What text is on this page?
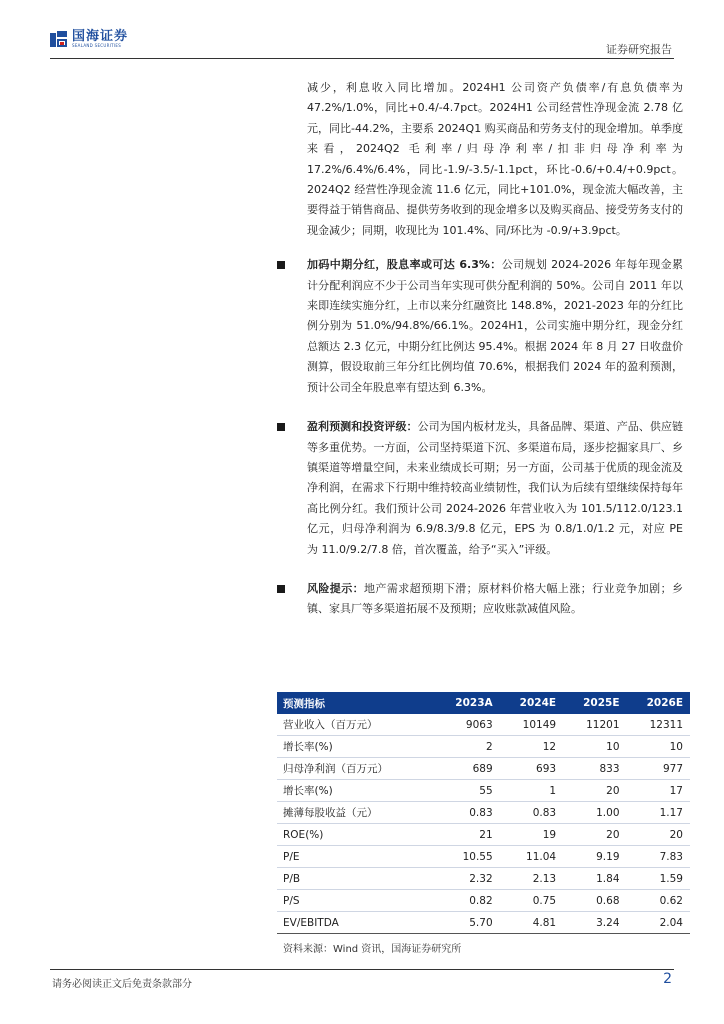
国海证券
SEALAND SECURITIES	证券研究报告

减少，利息收入同比增加。2024H1 公司资产负债率/有息负债率为 47.2%/1.0%，同比+0.4/-4.7pct。2024H1 公司经营性净现金流 2.78 亿元，同比-44.2%，主要系 2024Q1 购买商品和劳务支付的现金增加。单季度来看，2024Q2 毛利率/归母净利率/扣非归母净利率为 17.2%/6.4%/6.4%，同比-1.9/-3.5/-1.1pct，环比-0.6/+0.4/+0.9pct。2024Q2 经营性净现金流 11.6 亿元，同比+101.0%，现金流大幅改善，主要得益于销售商品、提供劳务收到的现金增多以及购买商品、接受劳务支付的现金减少；同期，收现比为 101.4%、同/环比为 -0.9/+3.9pct。

加码中期分红，股息率或可达 6.3%：公司规划 2024-2026 年每年现金累计分配利润应不少于公司当年实现可供分配利润的 50%。公司自 2011 年以来即连续实施分红，上市以来分红融资比 148.8%，2021-2023 年的分红比例分别为 51.0%/94.8%/66.1%。2024H1，公司实施中期分红，现金分红总额达 2.3 亿元，中期分红比例达 95.4%。根据 2024 年 8 月 27 日收盘价测算，假设取前三年分红比例均值 70.6%，根据我们 2024 年的盈利预测，预计公司全年股息率有望达到 6.3%。

盈利预测和投资评级：公司为国内板材龙头，具备品牌、渠道、产品、供应链等多重优势。一方面，公司坚持渠道下沉、多渠道布局，逐步挖掘家具厂、乡镇渠道等增量空间，未来业绩成长可期；另一方面，公司基于优质的现金流及净利润，在需求下行期中维持较高业绩韧性，我们认为后续有望继续保持每年高比例分红。我们预计公司 2024-2026 年营业收入为 101.5/112.0/123.1 亿元，归母净利润为 6.9/8.3/9.8 亿元，EPS 为 0.8/1.0/1.2 元，对应 PE 为 11.0/9.2/7.8 倍，首次覆盖，给予“买入”评级。

风险提示：地产需求超预期下滑；原材料价格大幅上涨；行业竞争加剧；乡镇、家具厂等多渠道拓展不及预期；应收账款减值风险。

预测指标	2023A	2024E	2025E	2026E
营业收入（百万元）	9063	10149	11201	12311
增长率(%)	2	12	10	10
归母净利润（百万元）	689	693	833	977
增长率(%)	55	1	20	17
摊薄每股收益（元）	0.83	0.83	1.00	1.17
ROE(%)	21	19	20	20
P/E	10.55	11.04	9.19	7.83
P/B	2.32	2.13	1.84	1.59
P/S	0.82	0.75	0.68	0.62
EV/EBITDA	5.70	4.81	3.24	2.04
资料来源：Wind 资讯，国海证券研究所
请务必阅读正文后免责条款部分	2
